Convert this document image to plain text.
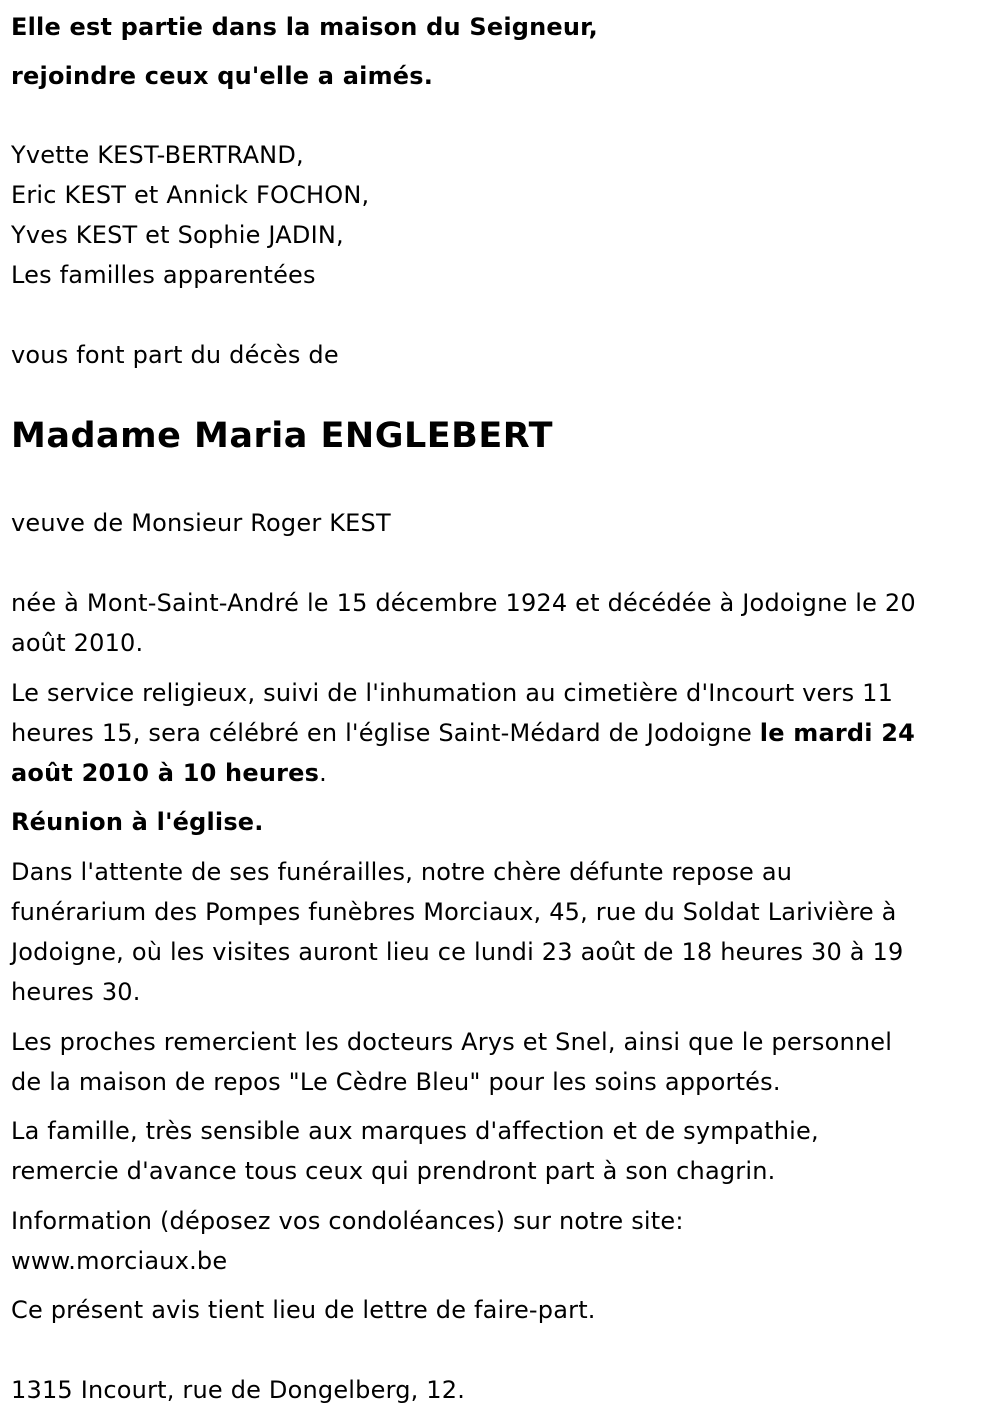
Elle est partie dans la maison du Seigneur,
rejoindre ceux qu'elle a aimés.
Yvette KEST-BERTRAND,
Eric KEST et Annick FOCHON,
Yves KEST et Sophie JADIN,
Les familles apparentées
vous font part du décès de
Madame Maria ENGLEBERT
veuve de Monsieur Roger KEST
née à Mont-Saint-André le 15 décembre 1924 et décédée à Jodoigne le 20
août 2010.
Le service religieux, suivi de l'inhumation au cimetière d'Incourt vers 11
heures 15, sera célébré en l'église Saint-Médard de Jodoigne le mardi 24
août 2010 à 10 heures.
Réunion à l'église.
Dans l'attente de ses funérailles, notre chère défunte repose au
funérarium des Pompes funèbres Morciaux, 45, rue du Soldat Larivière à
Jodoigne, où les visites auront lieu ce lundi 23 août de 18 heures 30 à 19
heures 30.
Les proches remercient les docteurs Arys et Snel, ainsi que le personnel
de la maison de repos "Le Cèdre Bleu" pour les soins apportés.
La famille, très sensible aux marques d'affection et de sympathie,
remercie d'avance tous ceux qui prendront part à son chagrin.
Information (déposez vos condoléances) sur notre site:
www.morciaux.be
Ce présent avis tient lieu de lettre de faire-part.
1315 Incourt, rue de Dongelberg, 12.
